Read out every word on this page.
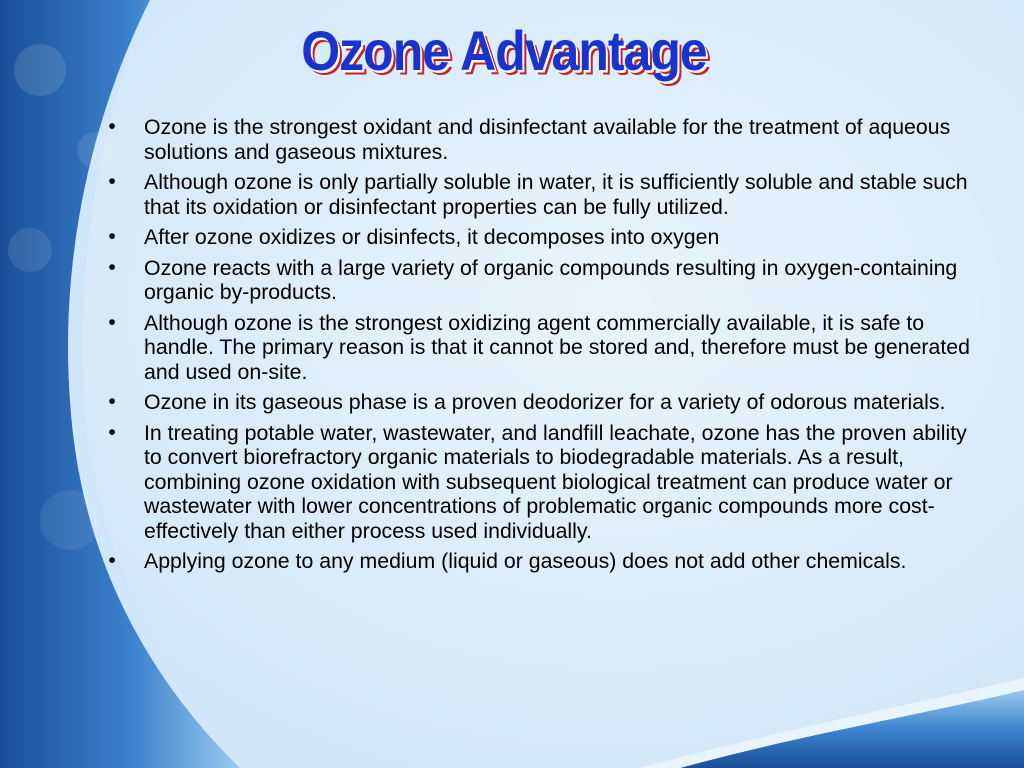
Ozone Advantage
• Ozone is the strongest oxidant and disinfectant available for the treatment of aqueous solutions and gaseous mixtures.
• Although ozone is only partially soluble in water, it is sufficiently soluble and stable such that its oxidation or disinfectant properties can be fully utilized.
• After ozone oxidizes or disinfects, it decomposes into oxygen
• Ozone reacts with a large variety of organic compounds resulting in oxygen-containing organic by-products.
• Although ozone is the strongest oxidizing agent commercially available, it is safe to handle. The primary reason is that it cannot be stored and, therefore must be generated and used on-site.
• Ozone in its gaseous phase is a proven deodorizer for a variety of odorous materials.
• In treating potable water, wastewater, and landfill leachate, ozone has the proven ability to convert biorefractory organic materials to biodegradable materials. As a result, combining ozone oxidation with subsequent biological treatment can produce water or wastewater with lower concentrations of problematic organic compounds more cost-effectively than either process used individually.
• Applying ozone to any medium (liquid or gaseous) does not add other chemicals.
